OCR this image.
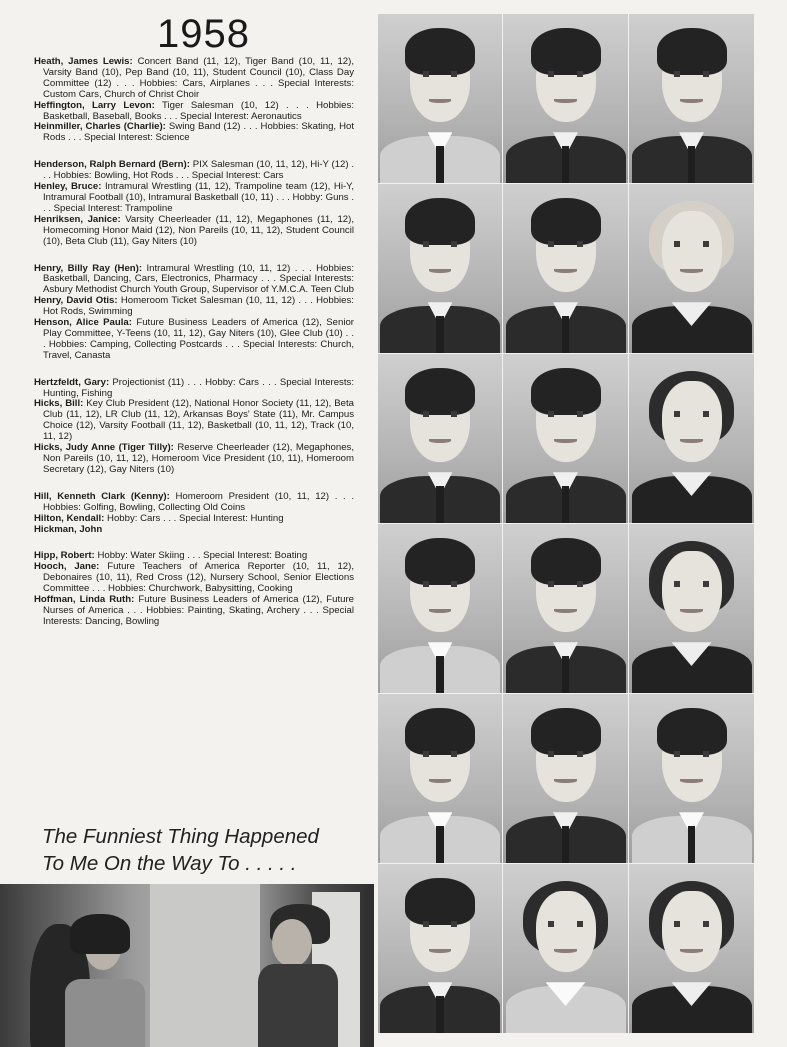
1958

Heath, James Lewis: Concert Band (11, 12), Tiger Band (10, 11, 12), Varsity Band (10), Pep Band (10, 11), Student Council (10), Class Day Committee (12) . . . Hobbies: Cars, Airplanes . . . Special Interests: Custom Cars, Church of Christ Choir

Heffington, Larry Levon: Tiger Salesman (10, 12) . . . Hobbies: Basketball, Baseball, Books . . . Special Interest: Aeronautics

Heinmiller, Charles (Charlie): Swing Band (12) . . . Hobbies: Skating, Hot Rods . . . Special Interest: Science

Henderson, Ralph Bernard (Bern): PIX Salesman (10, 11, 12), Hi-Y (12) . . . Hobbies: Bowling, Hot Rods . . . Special Interest: Cars

Henley, Bruce: Intramural Wrestling (11, 12), Trampoline team (12), Hi-Y, Intramural Football (10), Intramural Basketball (10, 11) . . . Hobby: Guns . . . Special Interest: Trampoline

Henriksen, Janice: Varsity Cheerleader (11, 12), Megaphones (11, 12), Homecoming Honor Maid (12), Non Pareils (10, 11, 12), Student Council (10), Beta Club (11), Gay Niters (10)

Henry, Billy Ray (Hen): Intramural Wrestling (10, 11, 12) . . . Hobbies: Basketball, Dancing, Cars, Electronics, Pharmacy . . . Special Interests: Asbury Methodist Church Youth Group, Supervisor of Y.M.C.A. Teen Club

Henry, David Otis: Homeroom Ticket Salesman (10, 11, 12) . . . Hobbies: Hot Rods, Swimming

Henson, Alice Paula: Future Business Leaders of America (12), Senior Play Committee, Y-Teens (10, 11, 12), Gay Niters (10), Glee Club (10) . . . Hobbies: Camping, Collecting Postcards . . . Special Interests: Church, Travel, Canasta

Hertzfeldt, Gary: Projectionist (11) . . . Hobby: Cars . . . Special Interests: Hunting, Fishing

Hicks, Bill: Key Club President (12), National Honor Society (11, 12), Beta Club (11, 12), LR Club (11, 12), Arkansas Boys' State (11), Mr. Campus Choice (12), Varsity Football (11, 12), Basketball (10, 11, 12), Track (10, 11, 12)

Hicks, Judy Anne (Tiger Tilly): Reserve Cheerleader (12), Megaphones, Non Pareils (10, 11, 12), Homeroom Vice President (10, 11), Homeroom Secretary (12), Gay Niters (10)

Hill, Kenneth Clark (Kenny): Homeroom President (10, 11, 12) . . . Hobbies: Golfing, Bowling, Collecting Old Coins

Hilton, Kendall: Hobby: Cars . . . Special Interest: Hunting

Hickman, John

Hipp, Robert: Hobby: Water Skiing . . . Special Interest: Boating

Hooch, Jane: Future Teachers of America Reporter (10, 11, 12), Debonaires (10, 11), Red Cross (12), Nursery School, Senior Elections Committee . . . Hobbies: Churchwork, Babysitting, Cooking

Hoffman, Linda Ruth: Future Business Leaders of America (12), Future Nurses of America . . . Hobbies: Painting, Skating, Archery . . . Special Interests: Dancing, Bowling

The Funniest Thing Happened
To Me On the Way To . . . . .
